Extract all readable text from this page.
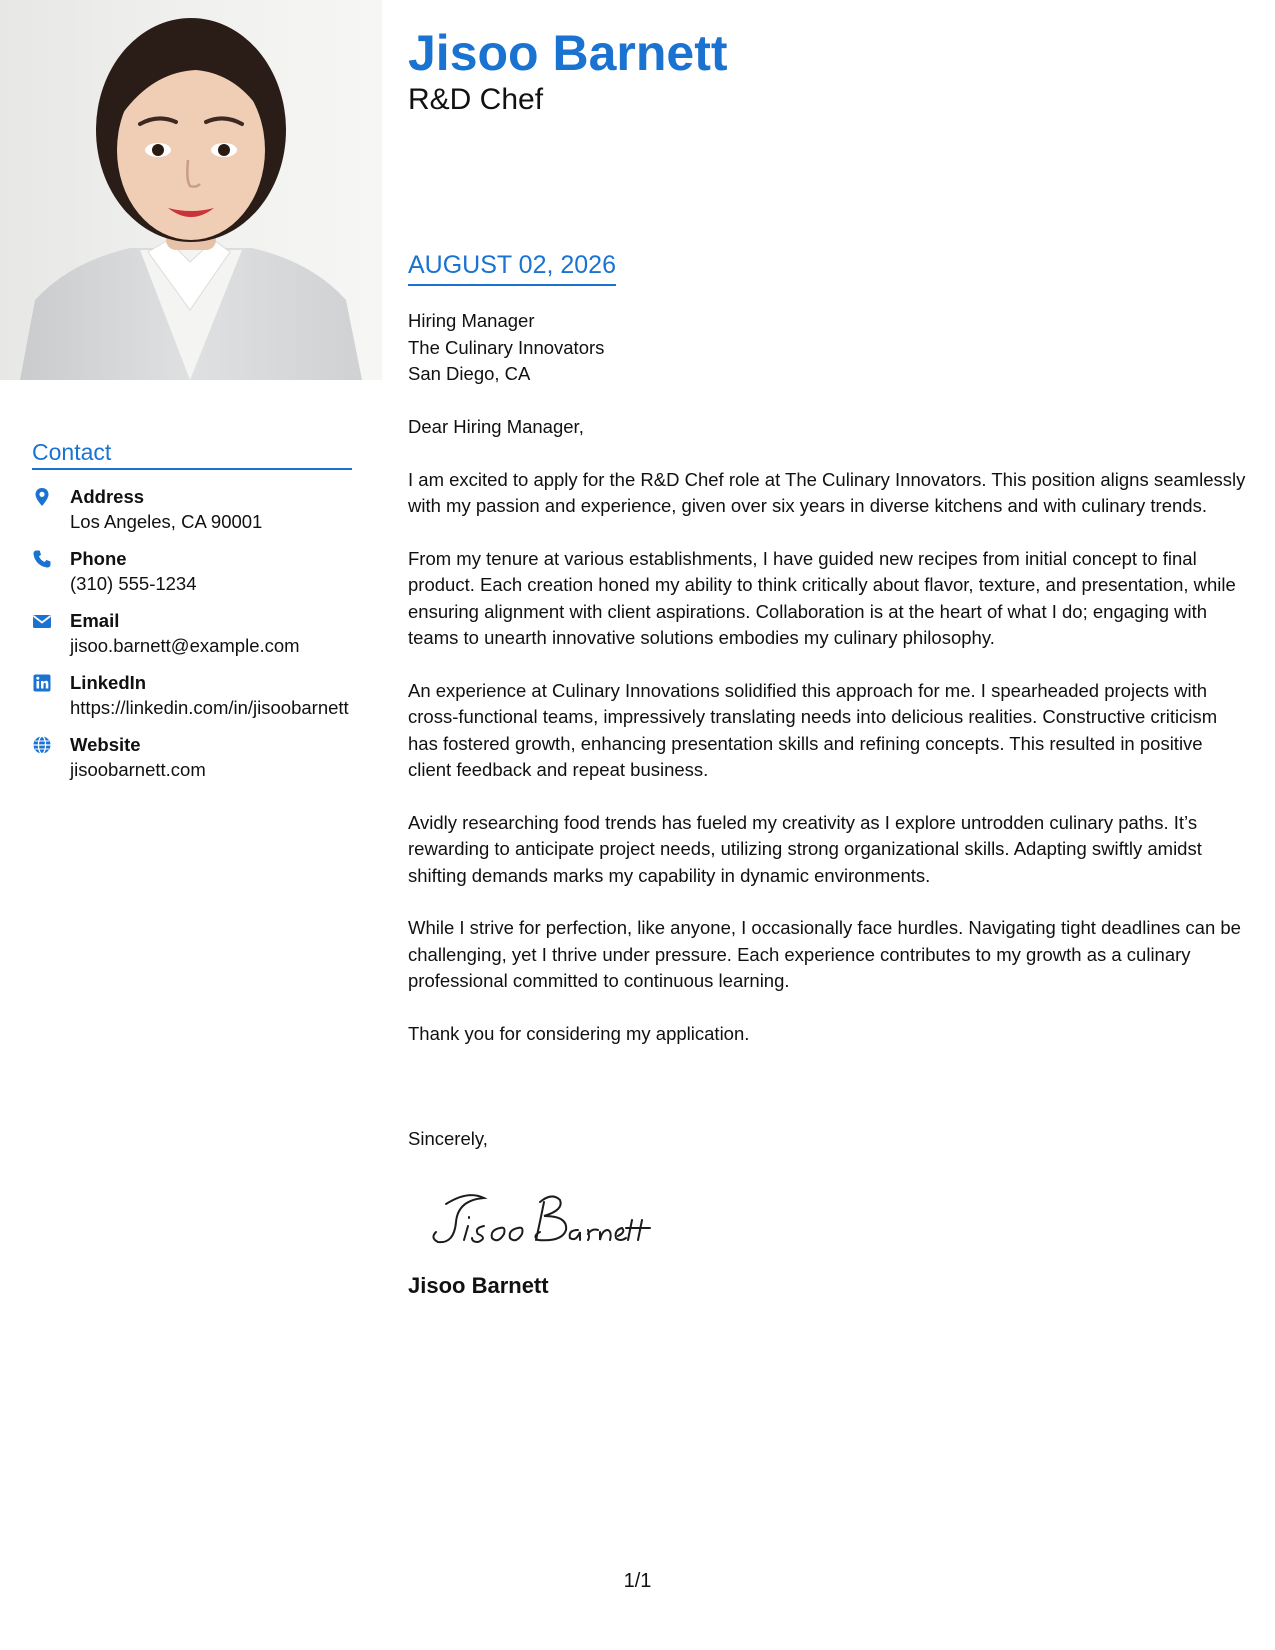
Contact
Address
Los Angeles, CA 90001
Phone
(310) 555-1234
Email
jisoo.barnett@example.com
LinkedIn
https://linkedin.com/in/jisoobarnett
Website
jisoobarnett.com
Jisoo Barnett
R&D Chef
AUGUST 02, 2026
Hiring Manager
The Culinary Innovators
San Diego, CA

Dear Hiring Manager,

I am excited to apply for the R&D Chef role at The Culinary Innovators. This position aligns seamlessly with my passion and experience, given over six years in diverse kitchens and with culinary trends.

From my tenure at various establishments, I have guided new recipes from initial concept to final product. Each creation honed my ability to think critically about flavor, texture, and presentation, while ensuring alignment with client aspirations. Collaboration is at the heart of what I do; engaging with teams to unearth innovative solutions embodies my culinary philosophy.

An experience at Culinary Innovations solidified this approach for me. I spearheaded projects with cross-functional teams, impressively translating needs into delicious realities. Constructive criticism has fostered growth, enhancing presentation skills and refining concepts. This resulted in positive client feedback and repeat business.

Avidly researching food trends has fueled my creativity as I explore untrodden culinary paths. It’s rewarding to anticipate project needs, utilizing strong organizational skills. Adapting swiftly amidst shifting demands marks my capability in dynamic environments.

While I strive for perfection, like anyone, I occasionally face hurdles. Navigating tight deadlines can be challenging, yet I thrive under pressure. Each experience contributes to my growth as a culinary professional committed to continuous learning.

Thank you for considering my application.

Sincerely,
Jisoo Barnett
1/1
